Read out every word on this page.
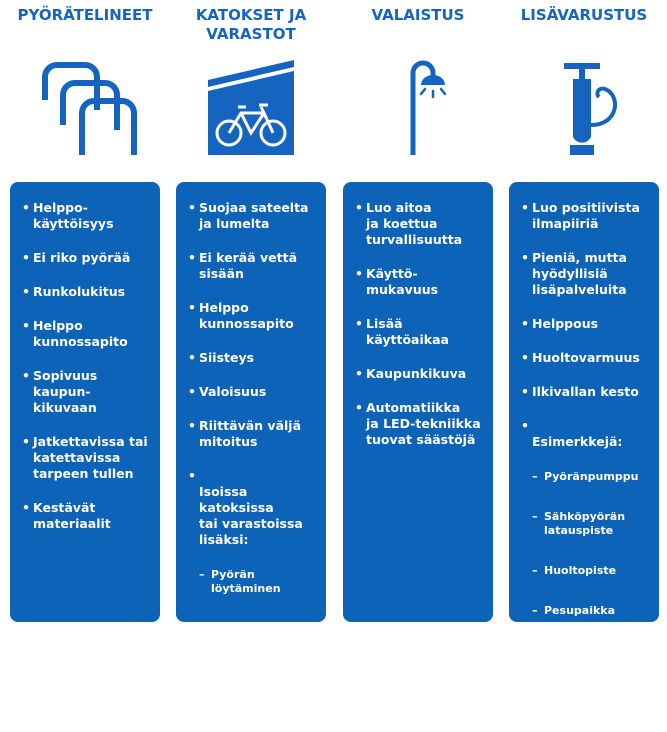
PYÖRÄTELINEET
• Helppo-
käyttöisyys
• Ei riko pyörää
• Runkolukitus
• Helppo
kunnossapito
• Sopivuus kaupun-
kikuvaan
• Jatkettavissa tai
katettavissa
tarpeen tullen
• Kestävät
materiaalit
KATOKSET JA
VARASTOT
• Suojaa sateelta
ja lumelta
• Ei kerää vettä
sisään
• Helppo
kunnossapito
• Siisteys
• Valoisuus
• Riittävän väljä
mitoitus

• Isoissa katoksissa
tai varastoissa
lisäksi:

– Pyörän
löytäminen

– Koettu
turvallisuus

– Valaistus

VALAISTUS
• Luo aitoa
ja koettua
turvallisuutta
• Käyttö-
mukavuus
• Lisää
käyttöaikaa
• Kaupunkikuva
• Automatiikka
ja LED-tekniikka
tuovat säästöjä
LISÄVARUSTUS
• Luo positiivista
ilmapiiriä
• Pieniä, mutta
hyödyllisiä
lisäpalveluita
• Helppous
• Huoltovarmuus
• Ilkivallan kesto

• Esimerkkejä:

– Pyöränpumppu

– Sähköpyörän
latauspiste

– Huoltopiste

– Pesupaikka
